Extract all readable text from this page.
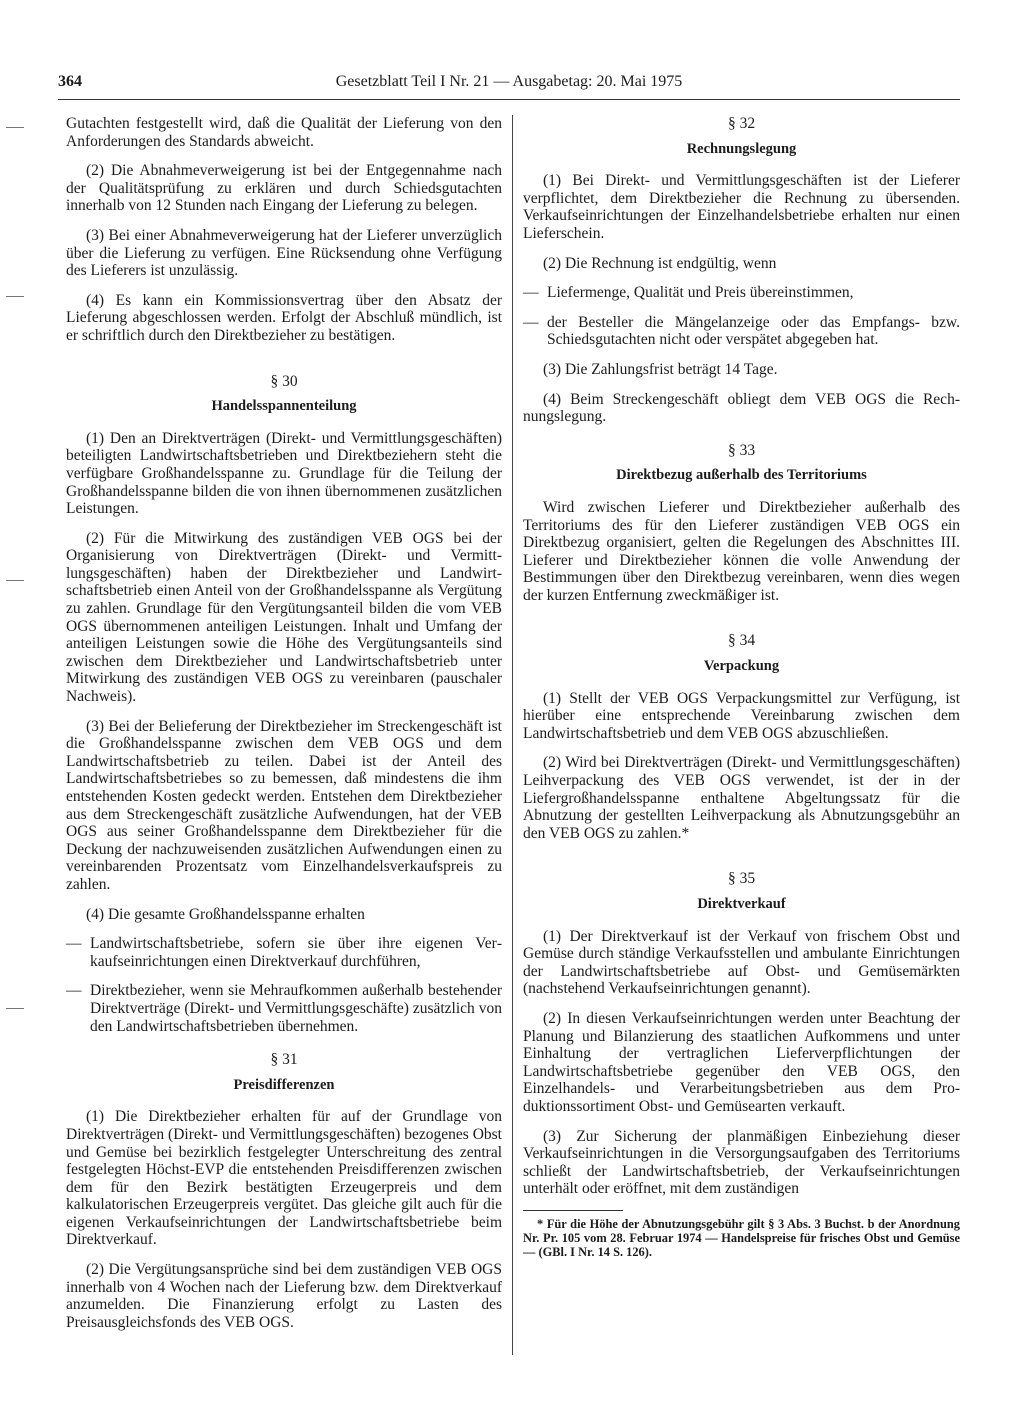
364	Gesetzblatt Teil I Nr. 21 — Ausgabetag: 20. Mai 1975

Gutachten festgestellt wird, daß die Qualität der Lieferung von den Anforderungen des Standards abweicht.

(2) Die Abnahmeverweigerung ist bei der Entgegennahme nach der Qualitätsprüfung zu erklären und durch Schiedsgutachten innerhalb von 12 Stunden nach Eingang der Lieferung zu belegen.

(3) Bei einer Abnahmeverweigerung hat der Lieferer unverzüglich über die Lieferung zu verfügen. Eine Rücksendung ohne Verfügung des Lieferers ist unzulässig.

(4) Es kann ein Kommissionsvertrag über den Absatz der Lieferung abgeschlossen werden. Erfolgt der Abschluß mündlich, ist er schriftlich durch den Direktbezieher zu bestätigen.

§ 30
Handelsspannenteilung

(1) Den an Direktverträgen (Direkt- und Vermittlungsgeschäften) beteiligten Landwirtschaftsbetrieben und Direktbeziehern steht die verfügbare Großhandelsspanne zu. Grundlage für die Teilung der Großhandelsspanne bilden die von ihnen übernommenen zusätzlichen Leistungen.

(2) Für die Mitwirkung des zuständigen VEB OGS bei der Organisierung von Direktverträgen (Direkt- und Vermittlungsgeschäften) haben der Direktbezieher und Landwirtschaftsbetrieb einen Anteil von der Großhandelsspanne als Vergütung zu zahlen. Grundlage für den Vergütungsanteil bilden die vom VEB OGS übernommenen anteiligen Leistungen. Inhalt und Umfang der anteiligen Leistungen sowie die Höhe des Vergütungsanteils sind zwischen dem Direktbezieher und Landwirtschaftsbetrieb unter Mitwirkung des zuständigen VEB OGS zu vereinbaren (pauschaler Nachweis).

(3) Bei der Belieferung der Direktbezieher im Streckengeschäft ist die Großhandelsspanne zwischen dem VEB OGS und dem Landwirtschaftsbetrieb zu teilen. Dabei ist der Anteil des Landwirtschaftsbetriebes so zu bemessen, daß mindestens die ihm entstehenden Kosten gedeckt werden. Entstehen dem Direktbezieher aus dem Streckengeschäft zusätzliche Aufwendungen, hat der VEB OGS aus seiner Großhandelsspanne dem Direktbezieher für die Deckung der nachzuweisenden zusätzlichen Aufwendungen einen zu vereinbarenden Prozentsatz vom Einzelhandelsverkaufspreis zu zahlen.

(4) Die gesamte Großhandelsspanne erhalten

— Landwirtschaftsbetriebe, sofern sie über ihre eigenen Verkaufseinrichtungen einen Direktverkauf durchführen,
— Direktbezieher, wenn sie Mehraufkommen außerhalb bestehender Direktverträge (Direkt- und Vermittlungsgeschäfte) zusätzlich von den Landwirtschaftsbetrieben übernehmen.
§ 31
Preisdifferenzen

(1) Die Direktbezieher erhalten für auf der Grundlage von Direktverträgen (Direkt- und Vermittlungsgeschäften) bezogenes Obst und Gemüse bei bezirklich festgelegter Unterschreitung des zentral festgelegten Höchst-EVP die entstehenden Preisdifferenzen zwischen dem für den Bezirk bestätigten Erzeugerpreis und dem kalkulatorischen Erzeugerpreis vergütet. Das gleiche gilt auch für die eigenen Verkaufseinrichtungen der Landwirtschaftsbetriebe beim Direktverkauf.

(2) Die Vergütungsansprüche sind bei dem zuständigen VEB OGS innerhalb von 4 Wochen nach der Lieferung bzw. dem Direktverkauf anzumelden. Die Finanzierung erfolgt zu Lasten des Preisausgleichsfonds des VEB OGS.

§ 32
Rechnungslegung

(1) Bei Direkt- und Vermittlungsgeschäften ist der Lieferer verpflichtet, dem Direktbezieher die Rechnung zu übersenden. Verkaufseinrichtungen der Einzelhandelsbetriebe erhalten nur einen Lieferschein.

(2) Die Rechnung ist endgültig, wenn

— Liefermenge, Qualität und Preis übereinstimmen,
— der Besteller die Mängelanzeige oder das Empfangs- bzw. Schiedsgutachten nicht oder verspätet abgegeben hat.

(3) Die Zahlungsfrist beträgt 14 Tage.

(4) Beim Streckengeschäft obliegt dem VEB OGS die Rechnungslegung.

§ 33
Direktbezug außerhalb des Territoriums

Wird zwischen Lieferer und Direktbezieher außerhalb des Territoriums des für den Lieferer zuständigen VEB OGS ein Direktbezug organisiert, gelten die Regelungen des Abschnittes III. Lieferer und Direktbezieher können die volle Anwendung der Bestimmungen über den Direktbezug vereinbaren, wenn dies wegen der kurzen Entfernung zweckmäßiger ist.

§ 34
Verpackung

(1) Stellt der VEB OGS Verpackungsmittel zur Verfügung, ist hierüber eine entsprechende Vereinbarung zwischen dem Landwirtschaftsbetrieb und dem VEB OGS abzuschließen.

(2) Wird bei Direktverträgen (Direkt- und Vermittlungsgeschäften) Leihverpackung des VEB OGS verwendet, ist der in der Liefergroßhandelsspanne enthaltene Abgeltungssatz für die Abnutzung der gestellten Leihverpackung als Abnutzungsgebühr an den VEB OGS zu zahlen.*

§ 35
Direktverkauf

(1) Der Direktverkauf ist der Verkauf von frischem Obst und Gemüse durch ständige Verkaufsstellen und ambulante Einrichtungen der Landwirtschaftsbetriebe auf Obst- und Gemüsemärkten (nachstehend Verkaufseinrichtungen genannt).

(2) In diesen Verkaufseinrichtungen werden unter Beachtung der Planung und Bilanzierung des staatlichen Aufkommens und unter Einhaltung der vertraglichen Lieferverpflichtungen der Landwirtschaftsbetriebe gegenüber den VEB OGS, den Einzelhandels- und Verarbeitungsbetrieben aus dem Produktionssortiment Obst- und Gemüsearten verkauft.

(3) Zur Sicherung der planmäßigen Einbeziehung dieser Verkaufseinrichtungen in die Versorgungsaufgaben des Territoriums schließt der Landwirtschaftsbetrieb, der Verkaufseinrichtungen unterhält oder eröffnet, mit dem zuständigen

* Für die Höhe der Abnutzungsgebühr gilt § 3 Abs. 3 Buchst. b der Anordnung Nr. Pr. 105 vom 28. Februar 1974 — Handelspreise für frisches Obst und Gemüse — (GBl. I Nr. 14 S. 126).
